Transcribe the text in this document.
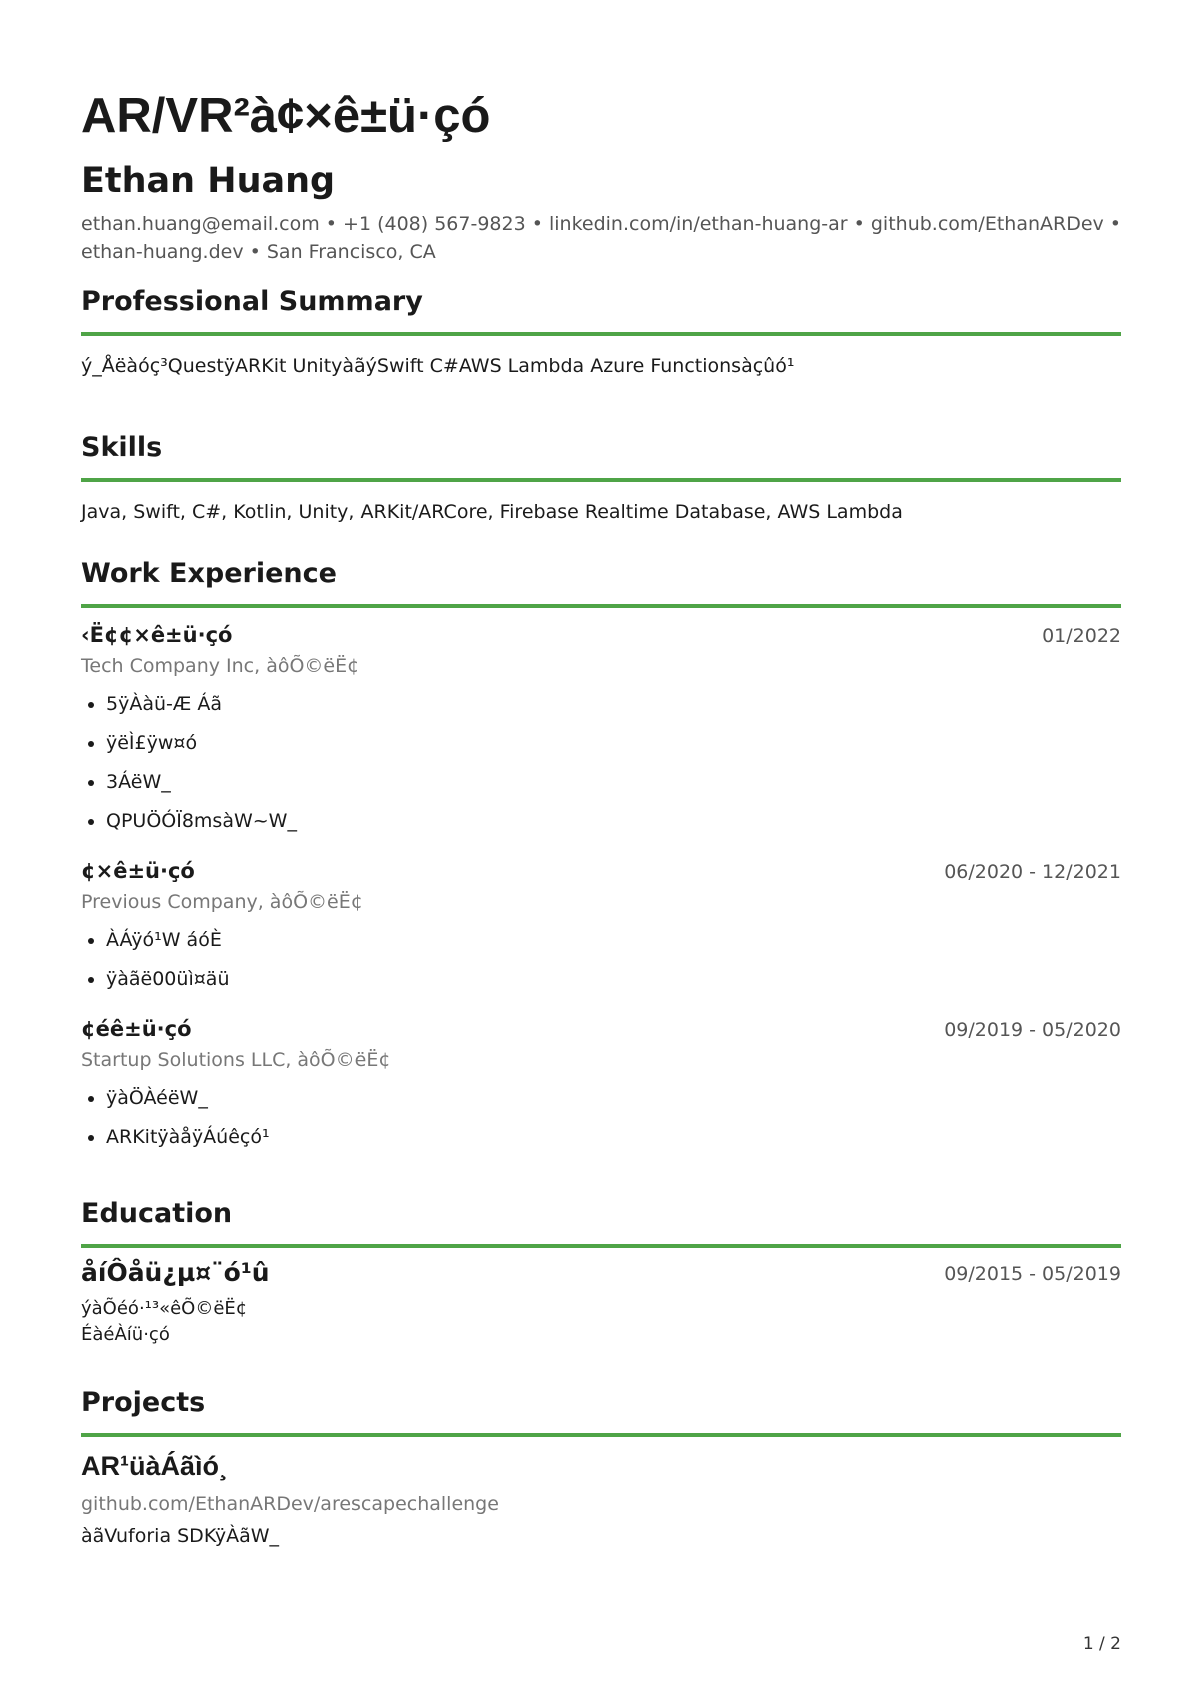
AR/VR²à¢×ê±ü·çó
Ethan Huang

ethan.huang@email.com • +1 (408) 567-9823 • linkedin.com/in/ethan-huang-ar • github.com/EthanARDev • ethan-huang.dev • San Francisco, CA

Professional Summary

ý_Åëàóç³QuestÿARKit UnityàãýSwift C#AWS Lambda Azure Functionsàçûó¹

Skills

Java, Swift, C#, Kotlin, Unity, ARKit/ARCore, Firebase Realtime Database, AWS Lambda

Work Experience

‹Ë¢¢×ê±ü·çó	01/2022

Tech Company Inc, àôÕ©ëË¢

• 5ÿÀàü-Æ Áã
• ÿëÌ£ÿw¤ó
• 3ÁëW_
• QPUÖÓÏ8msàW~W_

¢×ê±ü·çó	06/2020 - 12/2021

Previous Company, àôÕ©ëË¢

• ÀÁÿó¹W áóÈ
• ÿàãë00üì¤äü

¢éê±ü·çó	09/2019 - 05/2020

Startup Solutions LLC, àôÕ©ëË¢

• ÿàÖÀéëW_
• ARKitÿàåÿÁúêçó¹
Education

åíÔåü¿µ¤¨ó¹û	09/2015 - 05/2019

ýàÕéó·¹³«êÕ©ëË¢

ÉàéÀíü·çó

Projects

AR¹üàÁãìó¸

github.com/EthanARDev/arescapechallenge

àãVuforia SDKÿÀãW_

1 / 2
